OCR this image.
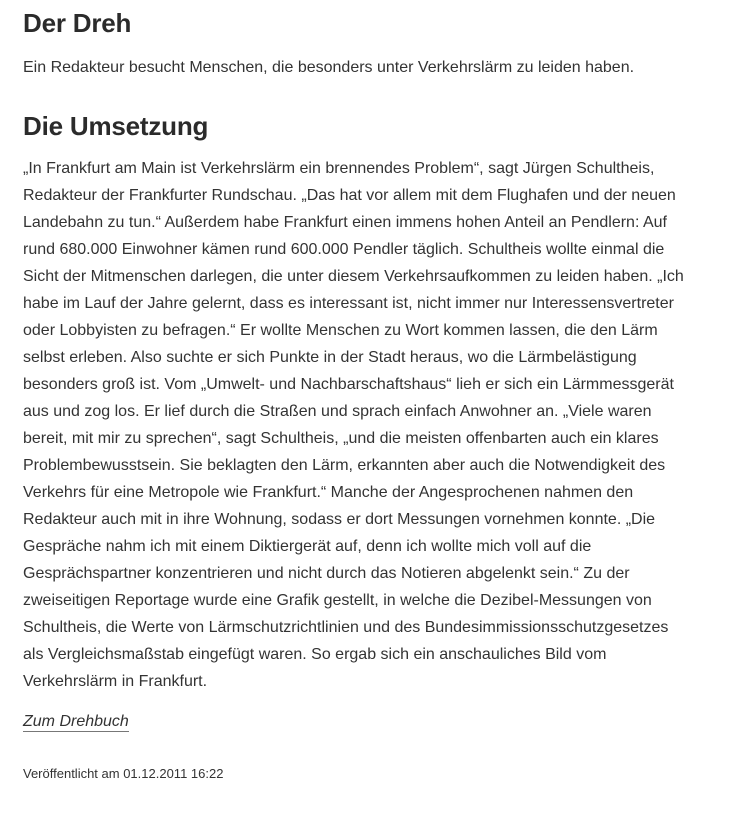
Der Dreh

Ein Redakteur besucht Menschen, die besonders unter Verkehrslärm zu leiden haben.

Die Umsetzung

„In Frankfurt am Main ist Verkehrslärm ein brennendes Problem“, sagt Jürgen Schultheis, Redakteur der Frankfurter Rundschau. „Das hat vor allem mit dem Flughafen und der neuen Landebahn zu tun.“ Außerdem habe Frankfurt einen immens hohen Anteil an Pendlern: Auf rund 680.000 Einwohner kämen rund 600.000 Pendler täglich. Schultheis wollte einmal die Sicht der Mitmenschen darlegen, die unter diesem Verkehrsaufkommen zu leiden haben. „Ich habe im Lauf der Jahre gelernt, dass es interessant ist, nicht immer nur Interessensvertreter oder Lobbyisten zu befragen.“ Er wollte Menschen zu Wort kommen lassen, die den Lärm selbst erleben. Also suchte er sich Punkte in der Stadt heraus, wo die Lärmbelästigung besonders groß ist. Vom „Umwelt- und Nachbarschaftshaus“ lieh er sich ein Lärmmessgerät aus und zog los. Er lief durch die Straßen und sprach einfach Anwohner an. „Viele waren bereit, mit mir zu sprechen“, sagt Schultheis, „und die meisten offenbarten auch ein klares Problembewusstsein. Sie beklagten den Lärm, erkannten aber auch die Notwendigkeit des Verkehrs für eine Metropole wie Frankfurt.“ Manche der Angesprochenen nahmen den Redakteur auch mit in ihre Wohnung, sodass er dort Messungen vornehmen konnte. „Die Gespräche nahm ich mit einem Diktiergerät auf, denn ich wollte mich voll auf die Gesprächspartner konzentrieren und nicht durch das Notieren abgelenkt sein.“ Zu der zweiseitigen Reportage wurde eine Grafik gestellt, in welche die Dezibel-Messungen von Schultheis, die Werte von Lärmschutzrichtlinien und des Bundesimmissionsschutzgesetzes als Vergleichsmaßstab eingefügt waren. So ergab sich ein anschauliches Bild vom Verkehrslärm in Frankfurt.

Zum Drehbuch
Veröffentlicht am 01.12.2011 16:22
